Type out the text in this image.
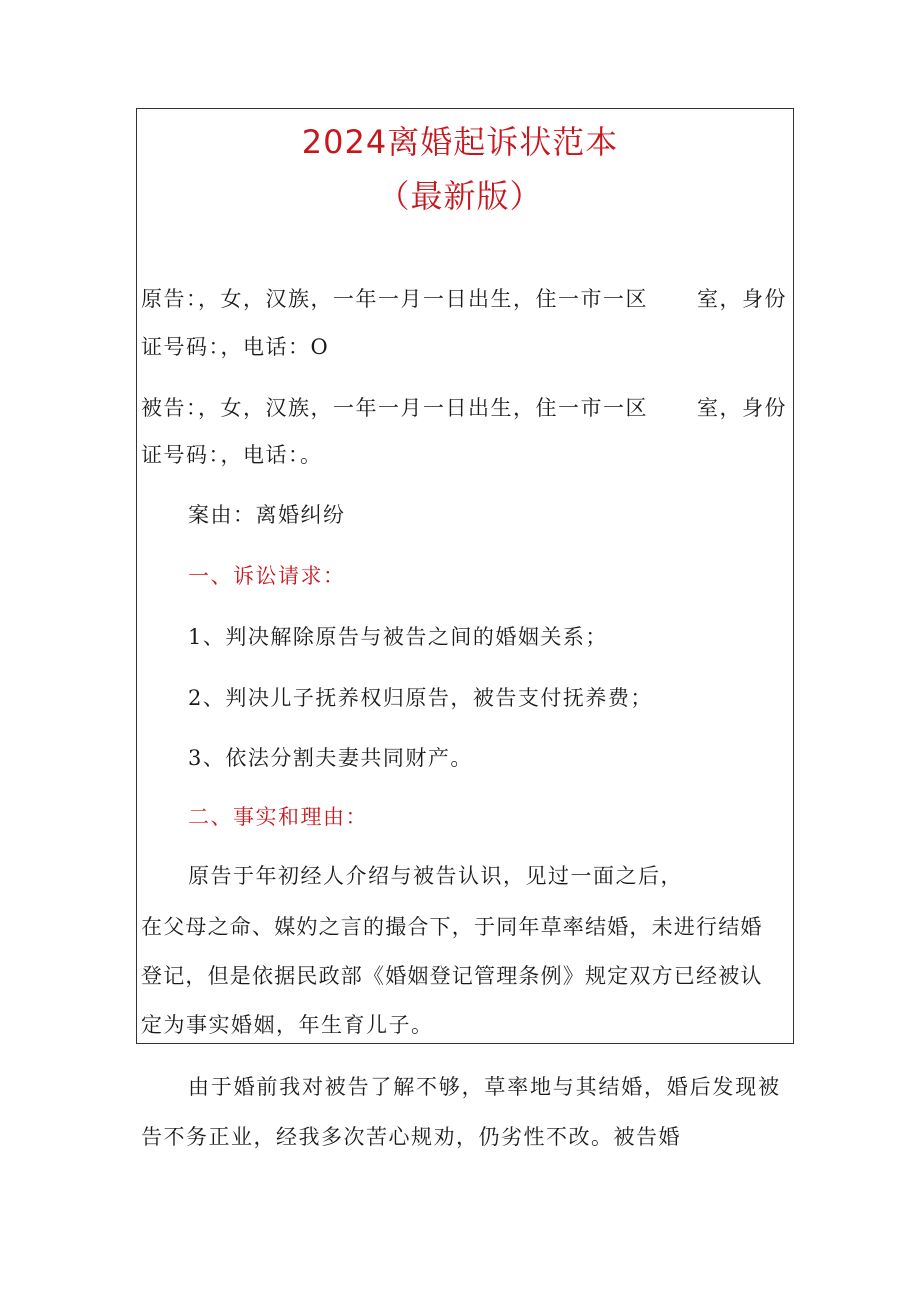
2024离婚起诉状范本
（最新版）
原告：，女，汉族，一年一月一日出生，住一市一区 室，身份
证号码：，电话：O
被告：，女，汉族，一年一月一日出生，住一市一区 室，身份
证号码：，电话：。
案由：离婚纠纷
一、诉讼请求：
1、判决解除原告与被告之间的婚姻关系；
2、判决儿子抚养权归原告，被告支付抚养费；
3、依法分割夫妻共同财产。
二、事实和理由：
原告于年初经人介绍与被告认识，见过一面之后，
在父母之命、媒妁之言的撮合下，于同年草率结婚，未进行结婚
登记，但是依据民政部《婚姻登记管理条例》规定双方已经被认
定为事实婚姻，年生育儿子。
由于婚前我对被告了解不够，草率地与其结婚，婚后发现被
告不务正业，经我多次苦心规劝，仍劣性不改。被告婚
